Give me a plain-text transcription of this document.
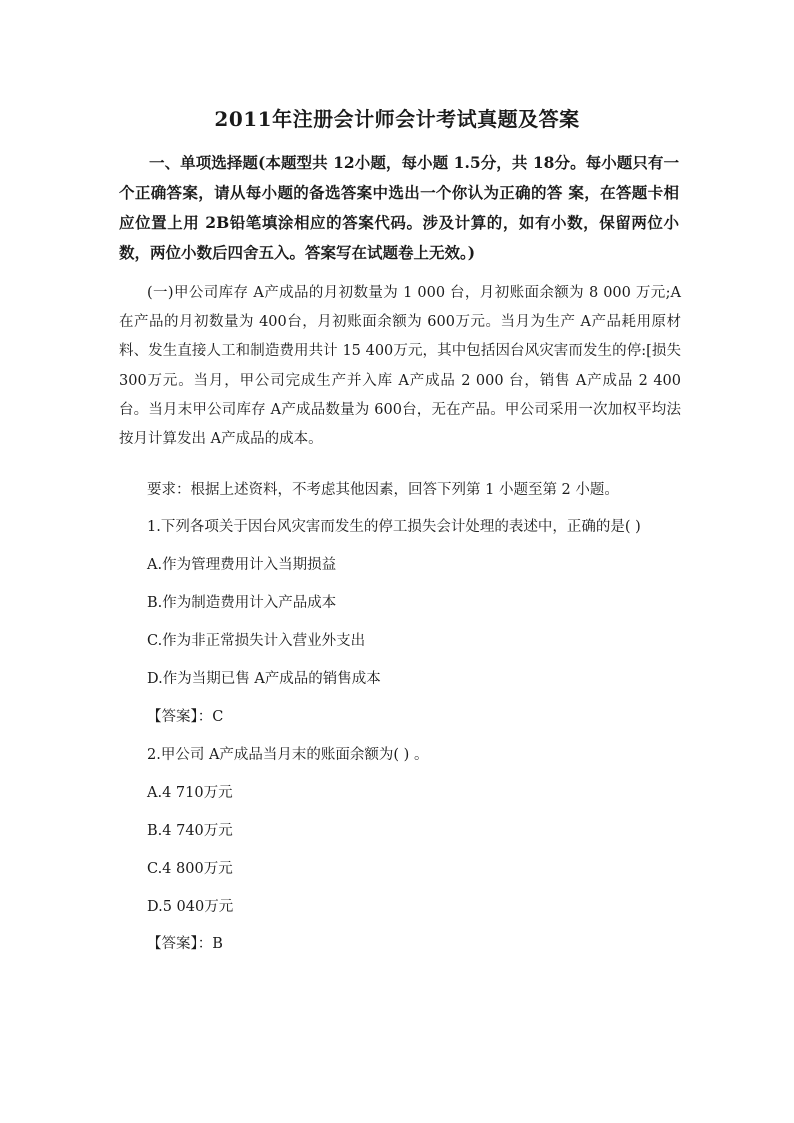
2011年注册会计师会计考试真题及答案
一、单项选择题(本题型共 12小题，每小题 1.5分，共 18分。每小题只有一个正确答案，请从每小题的备选答案中选出一个你认为正确的答 案，在答题卡相应位置上用 2B铅笔填涂相应的答案代码。涉及计算的，如有小数，保留两位小数，两位小数后四舍五入。答案写在试题卷上无效。)
(一)甲公司库存 A产成品的月初数量为 1 000 台，月初账面余额为 8 000 万元;A在产品的月初数量为 400台，月初账面余额为 600万元。当月为生产 A产品耗用原材料、发生直接人工和制造费用共计 15 400万元，其中包括因台风灾害而发生的停:[损失 300万元。当月，甲公司完成生产并入库 A产成品 2 000 台，销售 A产成品 2 400 台。当月末甲公司库存 A产成品数量为 600台，无在产品。甲公司采用一次加权平均法按月计算发出 A产成品的成本。
要求：根据上述资料，不考虑其他因素，回答下列第 1 小题至第 2 小题。
1.下列各项关于因台风灾害而发生的停工损失会计处理的表述中，正确的是( )
A.作为管理费用计入当期损益
B.作为制造费用计入产品成本
C.作为非正常损失计入营业外支出
D.作为当期已售 A产成品的销售成本
【答案】：C
2.甲公司 A产成品当月末的账面余额为( ) 。
A.4 710万元
B.4 740万元
C.4 800万元
D.5 040万元
【答案】：B
